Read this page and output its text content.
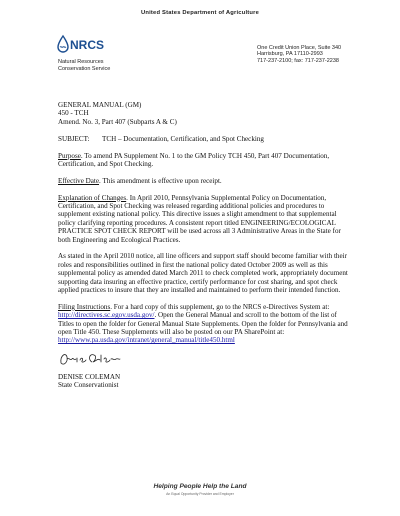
United States Department of Agriculture
NRCS
Natural Resources
Conservation Service
One Credit Union Place, Suite 340
Harrisburg, PA 17110-2993
717-237-2100; fax: 717-237-2238
GENERAL MANUAL (GM)
450 - TCH
Amend. No. 3, Part 407 (Subparts A & C)

SUBJECT: TCH – Documentation, Certification, and Spot Checking

Purpose. To amend PA Supplement No. 1 to the GM Policy TCH 450, Part 407 Documentation, Certification, and Spot Checking.

Effective Date. This amendment is effective upon receipt.

Explanation of Changes. In April 2010, Pennsylvania Supplemental Policy on Documentation, Certification, and Spot Checking was released regarding additional policies and procedures to supplement existing national policy. This directive issues a slight amendment to that supplemental policy clarifying reporting procedures. A consistent report titled ENGINEERING/ECOLOGICAL PRACTICE SPOT CHECK REPORT will be used across all 3 Administrative Areas in the State for both Engineering and Ecological Practices.

As stated in the April 2010 notice, all line officers and support staff should become familiar with their roles and responsibilities outlined in first the national policy dated October 2009 as well as this supplemental policy as amended dated March 2011 to check completed work, appropriately document supporting data insuring an effective practice, certify performance for cost sharing, and spot check applied practices to insure that they are installed and maintained to perform their intended function.

Filing Instructions. For a hard copy of this supplement, go to the NRCS e-Directives System at: http://directives.sc.egov.usda.gov/. Open the General Manual and scroll to the bottom of the list of Titles to open the folder for General Manual State Supplements. Open the folder for Pennsylvania and open Title 450. These Supplements will also be posted on our PA SharePoint at: http://www.pa.usda.gov/intranet/general_manual/title450.html

DENISE COLEMAN
State Conservationist
Helping People Help the Land
An Equal Opportunity Provider and Employer
